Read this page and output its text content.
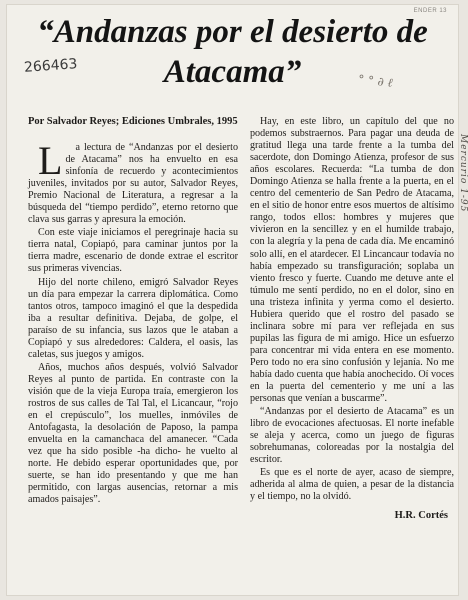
ENDER 13
“Andanzas por el desierto de Atacama”
266463
° ° ∂ ℓ
Mercurio 1-95

Por Salvador Reyes; Ediciones Umbrales, 1995

La lectura de “Andanzas por el desierto de Atacama” nos ha envuelto en esa sinfonía de recuerdo y acontecimientos juveniles, invitados por su autor, Salvador Reyes, Premio Nacional de Literatura, a regresar a la búsqueda del “tiempo perdido”, eterno retorno que clava sus garras y apresura la emoción.

Con este viaje iniciamos el peregrinaje hacia su tierra natal, Copiapó, para caminar juntos por la tierra madre, escenario de donde extrae el escritor sus primeras vivencias.

Hijo del norte chileno, emigró Salvador Reyes un día para empezar la carrera diplomática. Como tantos otros, tampoco imaginó el que la despedida iba a resultar definitiva. Dejaba, de golpe, el paraíso de su infancia, sus lazos que le ataban a Copiapó y sus alrededores: Caldera, el oasis, las caletas, sus juegos y amigos.

Años, muchos años después, volvió Salvador Reyes al punto de partida. En contraste con la visión que de la vieja Europa traía, emergieron los rostros de sus calles de Tal Tal, el Licancaur, “rojo en el crepúsculo”, los muelles, inmóviles de Antofagasta, la desolación de Paposo, la pampa envuelta en la camanchaca del amanecer. “Cada vez que ha sido posible -ha dicho- he vuelto al norte. He debido esperar oportunidades que, por suerte, se han ido presentando y que me han permitido, con largas ausencias, retornar a mis amados paisajes”.

Hay, en este libro, un capítulo del que no podemos substraernos. Para pagar una deuda de gratitud llega una tarde frente a la tumba del sacerdote, don Domingo Atienza, profesor de sus años escolares. Recuerda: “La tumba de don Domingo Atienza se halla frente a la puerta, en el centro del cementerio de San Pedro de Atacama, en el sitio de honor entre esos muertos de altísimo rango, todos ellos: hombres y mujeres que vivieron en la sencillez y en el humilde trabajo, con la alegría y la pena de cada día. Me encaminó solo allí, en el atardecer. El Lincancaur todavía no había empezado su transfiguración; soplaba un viento fresco y fuerte. Cuando me detuve ante el túmulo me sentí perdido, no en el dolor, sino en una tristeza infinita y yerma como el desierto. Hubiera querido que el rostro del pasado se inclinara sobre mí para ver reflejada en sus pupilas las figura de mi amigo. Hice un esfuerzo para concentrar mi vida entera en ese momento. Pero todo no era sino confusión y lejanía. No me había dado cuenta que había anochecido. Oí voces en la puerta del cementerio y me uní a las personas que venían a buscarme”.

“Andanzas por el desierto de Atacama” es un libro de evocaciones afectuosas. El norte inefable se aleja y acerca, como un juego de figuras sobrehumanas, coloreadas por la nostalgia del escritor.

Es que es el norte de ayer, acaso de siempre, adherida al alma de quien, a pesar de la distancia y el tiempo, no la olvidó.

H.R. Cortés
